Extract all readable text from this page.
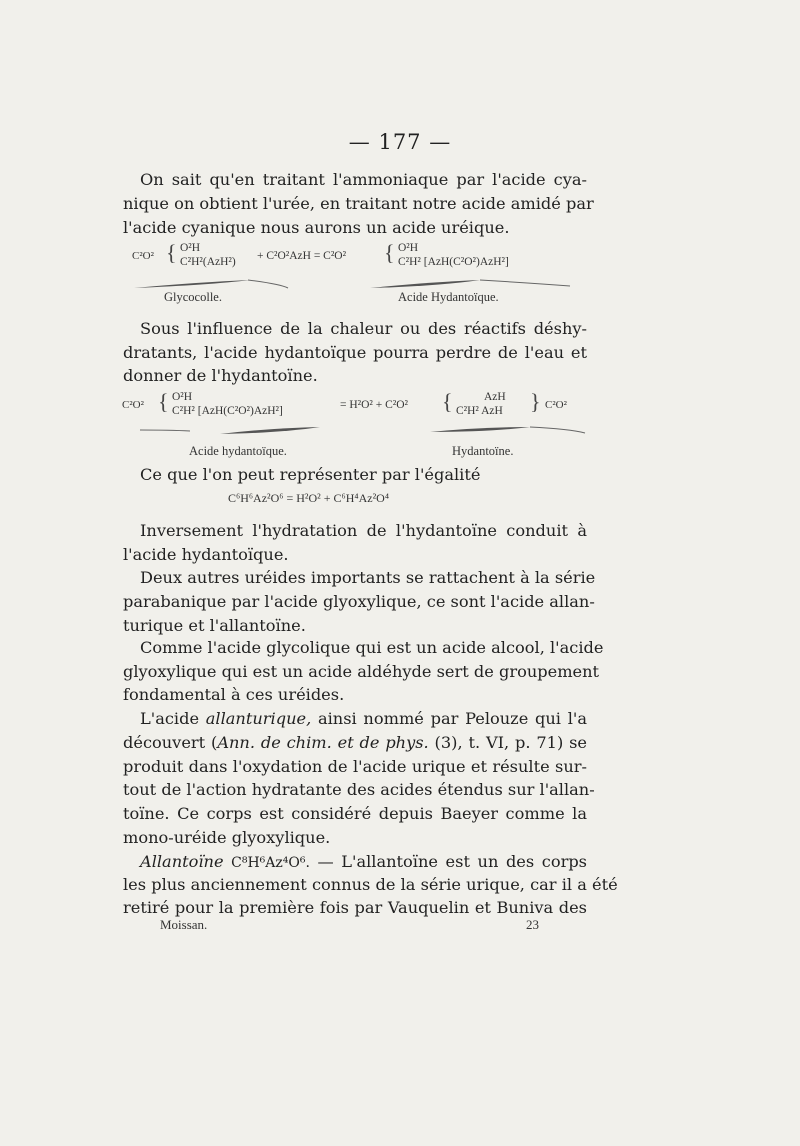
— 177 —
On sait qu'en traitant l'ammoniaque par l'acide cya-
nique on obtient l'urée, en traitant notre acide amidé par
l'acide cyanique nous aurons un acide uréique.
C²O² { O²H
C²H²(AzH²) + C²O²AzH = C²O² { O²H
C²H² [AzH(C²O²)AzH²]
Glycocolle.	Acide Hydantoïque.
Sous l'influence de la chaleur ou des réactifs déshy-
dratants, l'acide hydantoïque pourra perdre de l'eau et
donner de l'hydantoïne.
C²O² { O²H
C²H² [AzH(C²O²)AzH²]	= H²O² + C²O² {	AzH
C²H² AzH } C²O²
Acide hydantoïque.	Hydantoïne.
Ce que l'on peut représenter par l'égalité
C⁶H⁶Az²O⁶ = H²O² + C⁶H⁴Az²O⁴
Inversement l'hydratation de l'hydantoïne conduit à
l'acide hydantoïque.
Deux autres uréides importants se rattachent à la série
parabanique par l'acide glyoxylique, ce sont l'acide allan-
turique et l'allantoïne.
Comme l'acide glycolique qui est un acide alcool, l'acide
glyoxylique qui est un acide aldéhyde sert de groupement
fondamental à ces uréides.
L'acide allanturique, ainsi nommé par Pelouze qui l'a
découvert (Ann. de chim. et de phys. (3), t. VI, p. 71) se
produit dans l'oxydation de l'acide urique et résulte sur-
tout de l'action hydratante des acides étendus sur l'allan-
toïne. Ce corps est considéré depuis Baeyer comme la
mono-uréide glyoxylique.
Allantoïne C⁸H⁶Az⁴O⁶. — L'allantoïne est un des corps
les plus anciennement connus de la série urique, car il a été
retiré pour la première fois par Vauquelin et Buniva des
Moissan.	23
